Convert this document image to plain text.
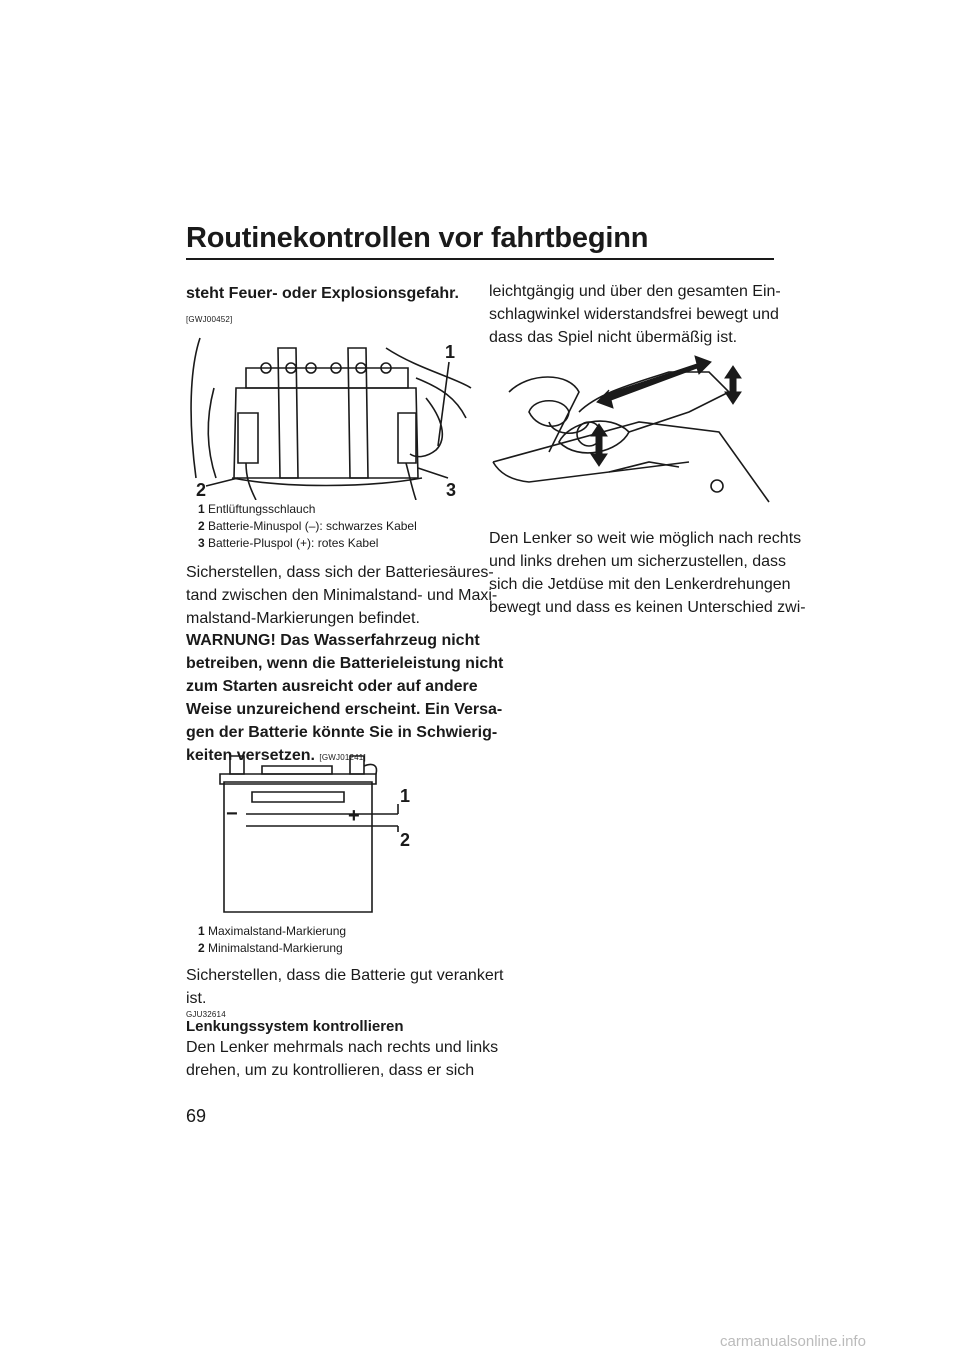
Routinekontrollen vor fahrtbeginn
steht Feuer- oder Explosionsgefahr.
[GWJ00452]
1
2	3
1 Entlüftungsschlauch
2 Batterie-Minuspol (–): schwarzes Kabel
3 Batterie-Pluspol (+): rotes Kabel
Sicherstellen, dass sich der Batteriesäures-
tand zwischen den Minimalstand- und Maxi-
malstand-Markierungen befindet.
WARNUNG! Das Wasserfahrzeug nicht
betreiben, wenn die Batterieleistung nicht
zum Starten ausreicht oder auf andere
Weise unzureichend erscheint. Ein Versa-
gen der Batterie könnte Sie in Schwierig-
keiten versetzen. [GWJ01241]
−	+
1
2
1 Maximalstand-Markierung
2 Minimalstand-Markierung
Sicherstellen, dass die Batterie gut verankert
ist.
GJU32614
Lenkungssystem kontrollieren
Den Lenker mehrmals nach rechts und links
drehen, um zu kontrollieren, dass er sich
leichtgängig und über den gesamten Ein-
schlagwinkel widerstandsfrei bewegt und
dass das Spiel nicht übermäßig ist.
Den Lenker so weit wie möglich nach rechts
und links drehen um sicherzustellen, dass
sich die Jetdüse mit den Lenkerdrehungen
bewegt und dass es keinen Unterschied zwi-
69
carmanualsonline.info
